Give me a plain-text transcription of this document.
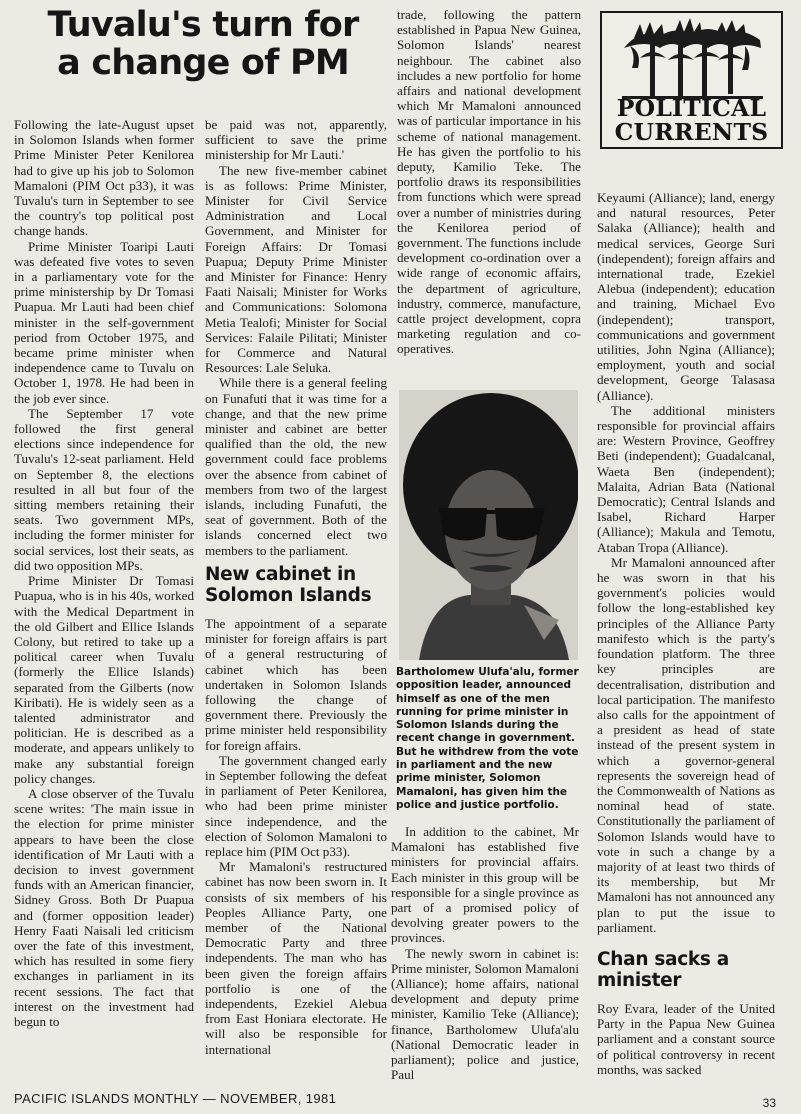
Tuvalu's turn for
a change of PM
POLITICAL
CURRENTS

Following the late-August upset in Solomon Islands when former Prime Minister Peter Kenilorea had to give up his job to Solomon Mamaloni (PIM Oct p33), it was Tuvalu's turn in September to see the country's top political post change hands.

Prime Minister Toaripi Lauti was defeated five votes to seven in a parliamentary vote for the prime ministership by Dr Tomasi Puapua. Mr Lauti had been chief minister in the self-government period from October 1975, and became prime minister when independence came to Tuvalu on October 1, 1978. He had been in the job ever since.

The September 17 vote followed the first general elections since independence for Tuvalu's 12-seat parliament. Held on September 8, the elections resulted in all but four of the sitting members retaining their seats. Two government MPs, including the former minister for social services, lost their seats, as did two opposition MPs.

Prime Minister Dr Tomasi Puapua, who is in his 40s, worked with the Medical Department in the old Gilbert and Ellice Islands Colony, but retired to take up a political career when Tuvalu (formerly the Ellice Islands) separated from the Gilberts (now Kiribati). He is widely seen as a talented administrator and politician. He is described as a moderate, and appears unlikely to make any substantial foreign policy changes.

A close observer of the Tuvalu scene writes: 'The main issue in the election for prime minister appears to have been the close identification of Mr Lauti with a decision to invest government funds with an American financier, Sidney Gross. Both Dr Puapua and (former opposition leader) Henry Faati Naisali led criticism over the fate of this investment, which has resulted in some fiery exchanges in parliament in its recent sessions. The fact that interest on the investment had begun to

be paid was not, apparently, sufficient to save the prime ministership for Mr Lauti.'

The new five-member cabinet is as follows: Prime Minister, Minister for Civil Service Administration and Local Government, and Minister for Foreign Affairs: Dr Tomasi Puapua; Deputy Prime Minister and Minister for Finance: Henry Faati Naisali; Minister for Works and Communications: Solomona Metia Tealofi; Minister for Social Services: Falaile Pilitati; Minister for Commerce and Natural Resources: Lale Seluka.

While there is a general feeling on Funafuti that it was time for a change, and that the new prime minister and cabinet are better qualified than the old, the new government could face problems over the absence from cabinet of members from two of the largest islands, including Funafuti, the seat of government. Both of the islands concerned elect two members to the parliament.

New cabinet in Solomon Islands

The appointment of a separate minister for foreign affairs is part of a general restructuring of cabinet which has been undertaken in Solomon Islands following the change of government there. Previously the prime minister held responsibility for foreign affairs.

The government changed early in September following the defeat in parliament of Peter Kenilorea, who had been prime minister since independence, and the election of Solomon Mamaloni to replace him (PIM Oct p33).

Mr Mamaloni's restructured cabinet has now been sworn in. It consists of six members of his Peoples Alliance Party, one member of the National Democratic Party and three independents. The man who has been given the foreign affairs portfolio is one of the independents, Ezekiel Alebua from East Honiara electorate. He will also be responsible for international

trade, following the pattern established in Papua New Guinea, Solomon Islands' nearest neighbour. The cabinet also includes a new portfolio for home affairs and national development which Mr Mamaloni announced was of particular importance in his scheme of national management. He has given the portfolio to his deputy, Kamilio Teke. The portfolio draws its responsibilities from functions which were spread over a number of ministries during the Kenilorea period of government. The functions include development co-ordination over a wide range of economic affairs, the department of agriculture, industry, commerce, manufacture, cattle project development, copra marketing regulation and co-operatives.

Bartholomew Ulufa'alu, former opposition leader, announced himself as one of the men running for prime minister in Solomon Islands during the recent change in government. But he withdrew from the vote in parliament and the new prime minister, Solomon Mamaloni, has given him the police and justice portfolio.

In addition to the cabinet, Mr Mamaloni has established five ministers for provincial affairs. Each minister in this group will be responsible for a single province as part of a promised policy of devolving greater powers to the provinces.

The newly sworn in cabinet is: Prime minister, Solomon Mamaloni (Alliance); home affairs, national development and deputy prime minister, Kamilio Teke (Alliance); finance, Bartholomew Ulufa'alu (National Democratic leader in parliament); police and justice, Paul

Keyaumi (Alliance); land, energy and natural resources, Peter Salaka (Alliance); health and medical services, George Suri (independent); foreign affairs and international trade, Ezekiel Alebua (independent); education and training, Michael Evo (independent); transport, communications and government utilities, John Ngina (Alliance); employment, youth and social development, George Talasasa (Alliance).

The additional ministers responsible for provincial affairs are: Western Province, Geoffrey Beti (independent); Guadalcanal, Waeta Ben (independent); Malaita, Adrian Bata (National Democratic); Central Islands and Isabel, Richard Harper (Alliance); Makula and Temotu, Ataban Tropa (Alliance).

Mr Mamaloni announced after he was sworn in that his government's policies would follow the long-established key principles of the Alliance Party manifesto which is the party's foundation platform. The three key principles are decentralisation, distribution and local participation. The manifesto also calls for the appointment of a president as head of state instead of the present system in which a governor-general represents the sovereign head of the Commonwealth of Nations as nominal head of state. Constitutionally the parliament of Solomon Islands would have to vote in such a change by a majority of at least two thirds of its membership, but Mr Mamaloni has not announced any plan to put the issue to parliament.

Chan sacks a minister

Roy Evara, leader of the United Party in the Papua New Guinea parliament and a constant source of political controversy in recent months, was sacked

PACIFIC ISLANDS MONTHLY — NOVEMBER, 1981	33
